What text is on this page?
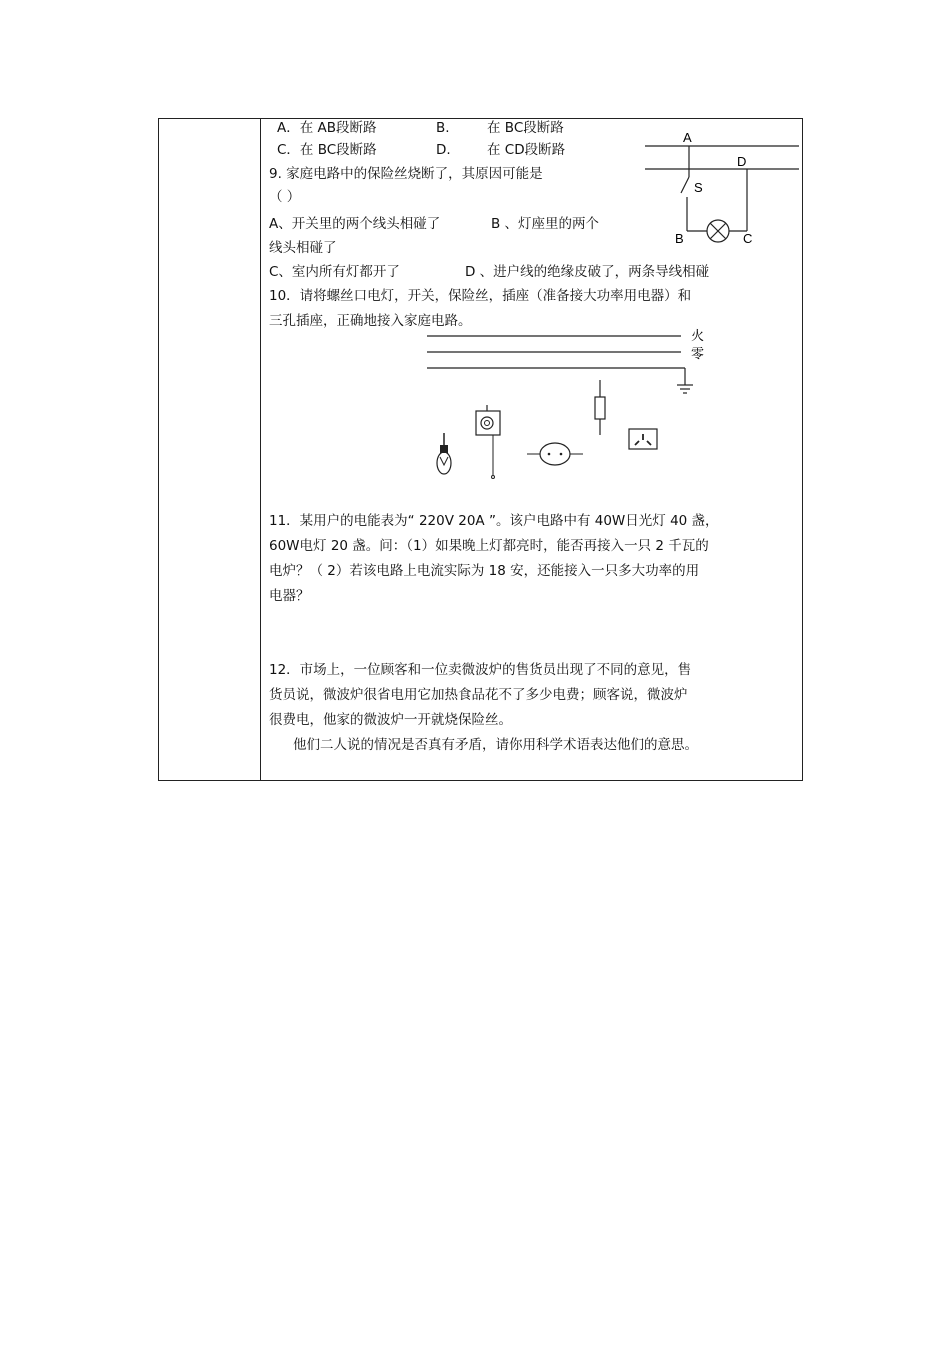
A．在 AB段断路	B.	在 BC段断路
C．在 BC段断路	D.	在 CD段断路
A
D
S
B	C
9. 家庭电路中的保险丝烧断了，其原因可能是
（ ）
A、开关里的两个线头相碰了	B 、灯座里的两个
线头相碰了
C、室内所有灯都开了	D 、进户线的绝缘皮破了，两条导线相碰
10．请将螺丝口电灯，开关，保险丝，插座（准备接大功率用电器）和
三孔插座，正确地接入家庭电路。
火
零
11．某用户的电能表为“ 220V 20A ”。该户电路中有 40W日光灯 40 盏，
60W电灯 20 盏。问：（1）如果晚上灯都亮时，能否再接入一只 2 千瓦的
电炉？（ 2）若该电路上电流实际为 18 安，还能接入一只多大功率的用
电器？
12．市场上，一位顾客和一位卖微波炉的售货员出现了不同的意见，售
货员说，微波炉很省电用它加热食品花不了多少电费；顾客说，微波炉
很费电，他家的微波炉一开就烧保险丝。
他们二人说的情况是否真有矛盾，请你用科学术语表达他们的意思。
